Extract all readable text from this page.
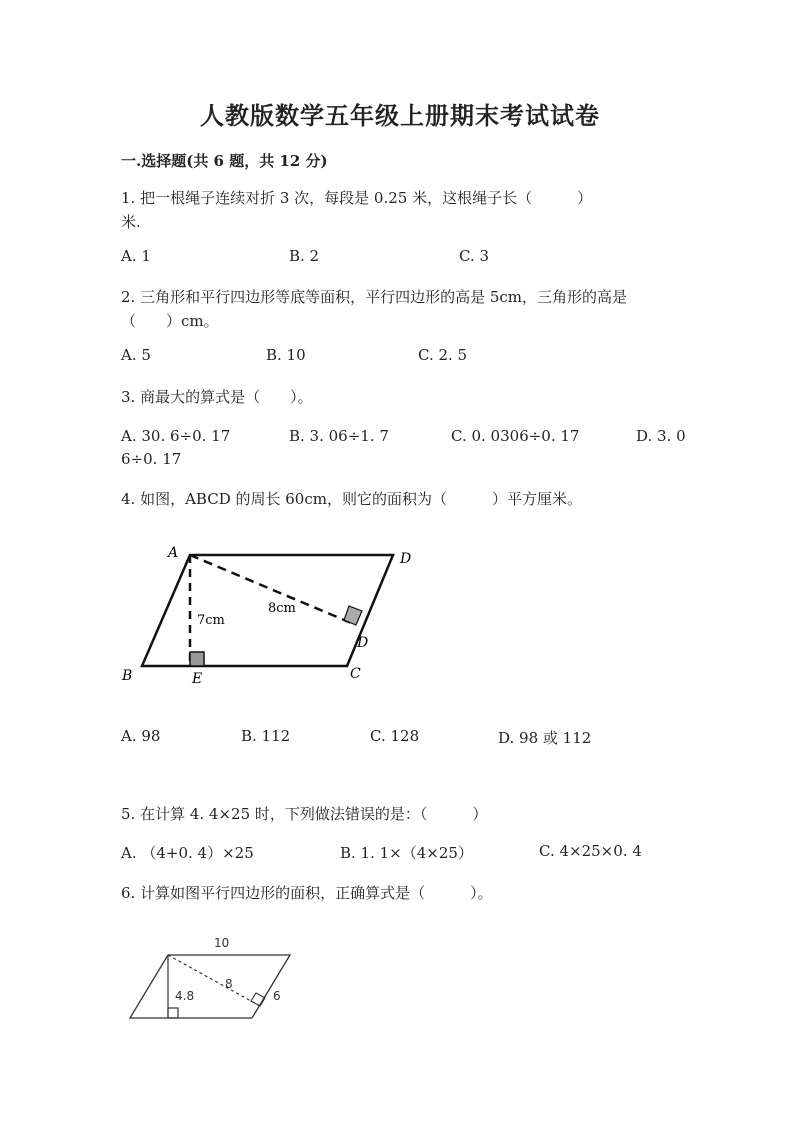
人教版数学五年级上册期末考试试卷
一.选择题(共 6 题，共 12 分)
1. 把一根绳子连续对折 3 次，每段是 0.25 米，这根绳子长（　　　）
米.
A. 1	B. 2	C. 3
2. 三角形和平行四边形等底等面积，平行四边形的高是 5cm，三角形的高是
（　　）cm。
A. 5	B. 10	C. 2. 5
3. 商最大的算式是（　　）。
A. 30. 6÷0. 17	B. 3. 06÷1. 7	C. 0. 0306÷0. 17	D. 3. 0
6÷0. 17
4. 如图，ABCD 的周长 60cm，则它的面积为（　　　）平方厘米。
A	D
B	E	C
D
7cm
8cm
A. 98	B. 112	C. 128	D. 98 或 112
5. 在计算 4. 4×25 时，下列做法错误的是：（　　　）
A. （4+0. 4）×25	B. 1. 1×（4×25）	C. 4×25×0. 4
6. 计算如图平行四边形的面积，正确算式是（　　　）。
10
4.8
8
6
